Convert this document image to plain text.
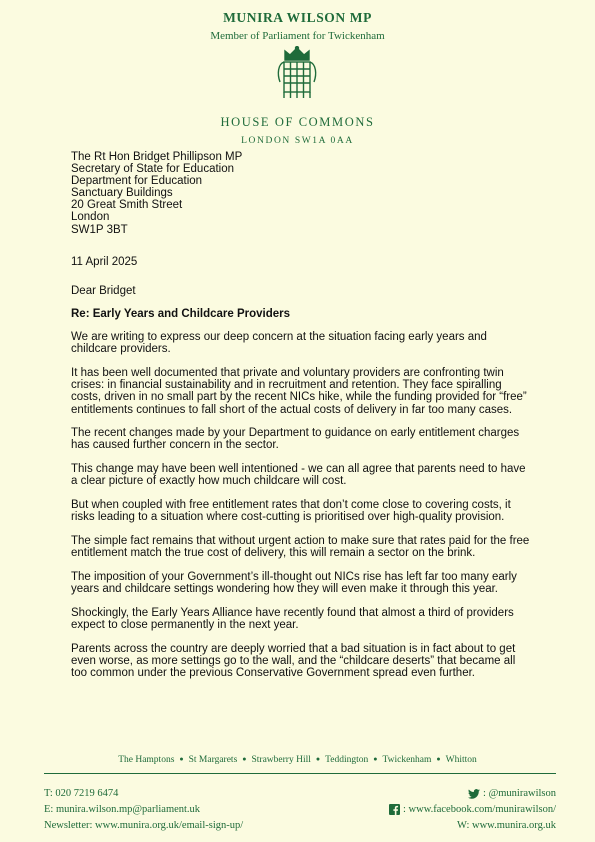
MUNIRA WILSON MP
Member of Parliament for Twickenham
HOUSE OF COMMONS
LONDON SW1A 0AA
The Rt Hon Bridget Phillipson MP
Secretary of State for Education
Department for Education
Sanctuary Buildings
20 Great Smith Street
London
SW1P 3BT
11 April 2025
Dear Bridget
Re: Early Years and Childcare Providers

We are writing to express our deep concern at the situation facing early years and childcare providers.

It has been well documented that private and voluntary providers are confronting twin crises: in financial sustainability and in recruitment and retention. They face spiralling costs, driven in no small part by the recent NICs hike, while the funding provided for “free” entitlements continues to fall short of the actual costs of delivery in far too many cases.

The recent changes made by your Department to guidance on early entitlement charges has caused further concern in the sector.

This change may have been well intentioned - we can all agree that parents need to have a clear picture of exactly how much childcare will cost.

But when coupled with free entitlement rates that don’t come close to covering costs, it risks leading to a situation where cost-cutting is prioritised over high-quality provision.

The simple fact remains that without urgent action to make sure that rates paid for the free entitlement match the true cost of delivery, this will remain a sector on the brink.

The imposition of your Government’s ill-thought out NICs rise has left far too many early years and childcare settings wondering how they will even make it through this year.

Shockingly, the Early Years Alliance have recently found that almost a third of providers expect to close permanently in the next year.

Parents across the country are deeply worried that a bad situation is in fact about to get even worse, as more settings go to the wall, and the “childcare deserts” that became all too common under the previous Conservative Government spread even further.

The Hamptons ● St Margarets ● Strawberry Hill ● Teddington ● Twickenham ● Whitton
T: 020 7219 6474
E: munira.wilson.mp@parliament.uk
Newsletter: www.munira.org.uk/email-sign-up/
: @munirawilson
: www.facebook.com/munirawilson/
W: www.munira.org.uk
